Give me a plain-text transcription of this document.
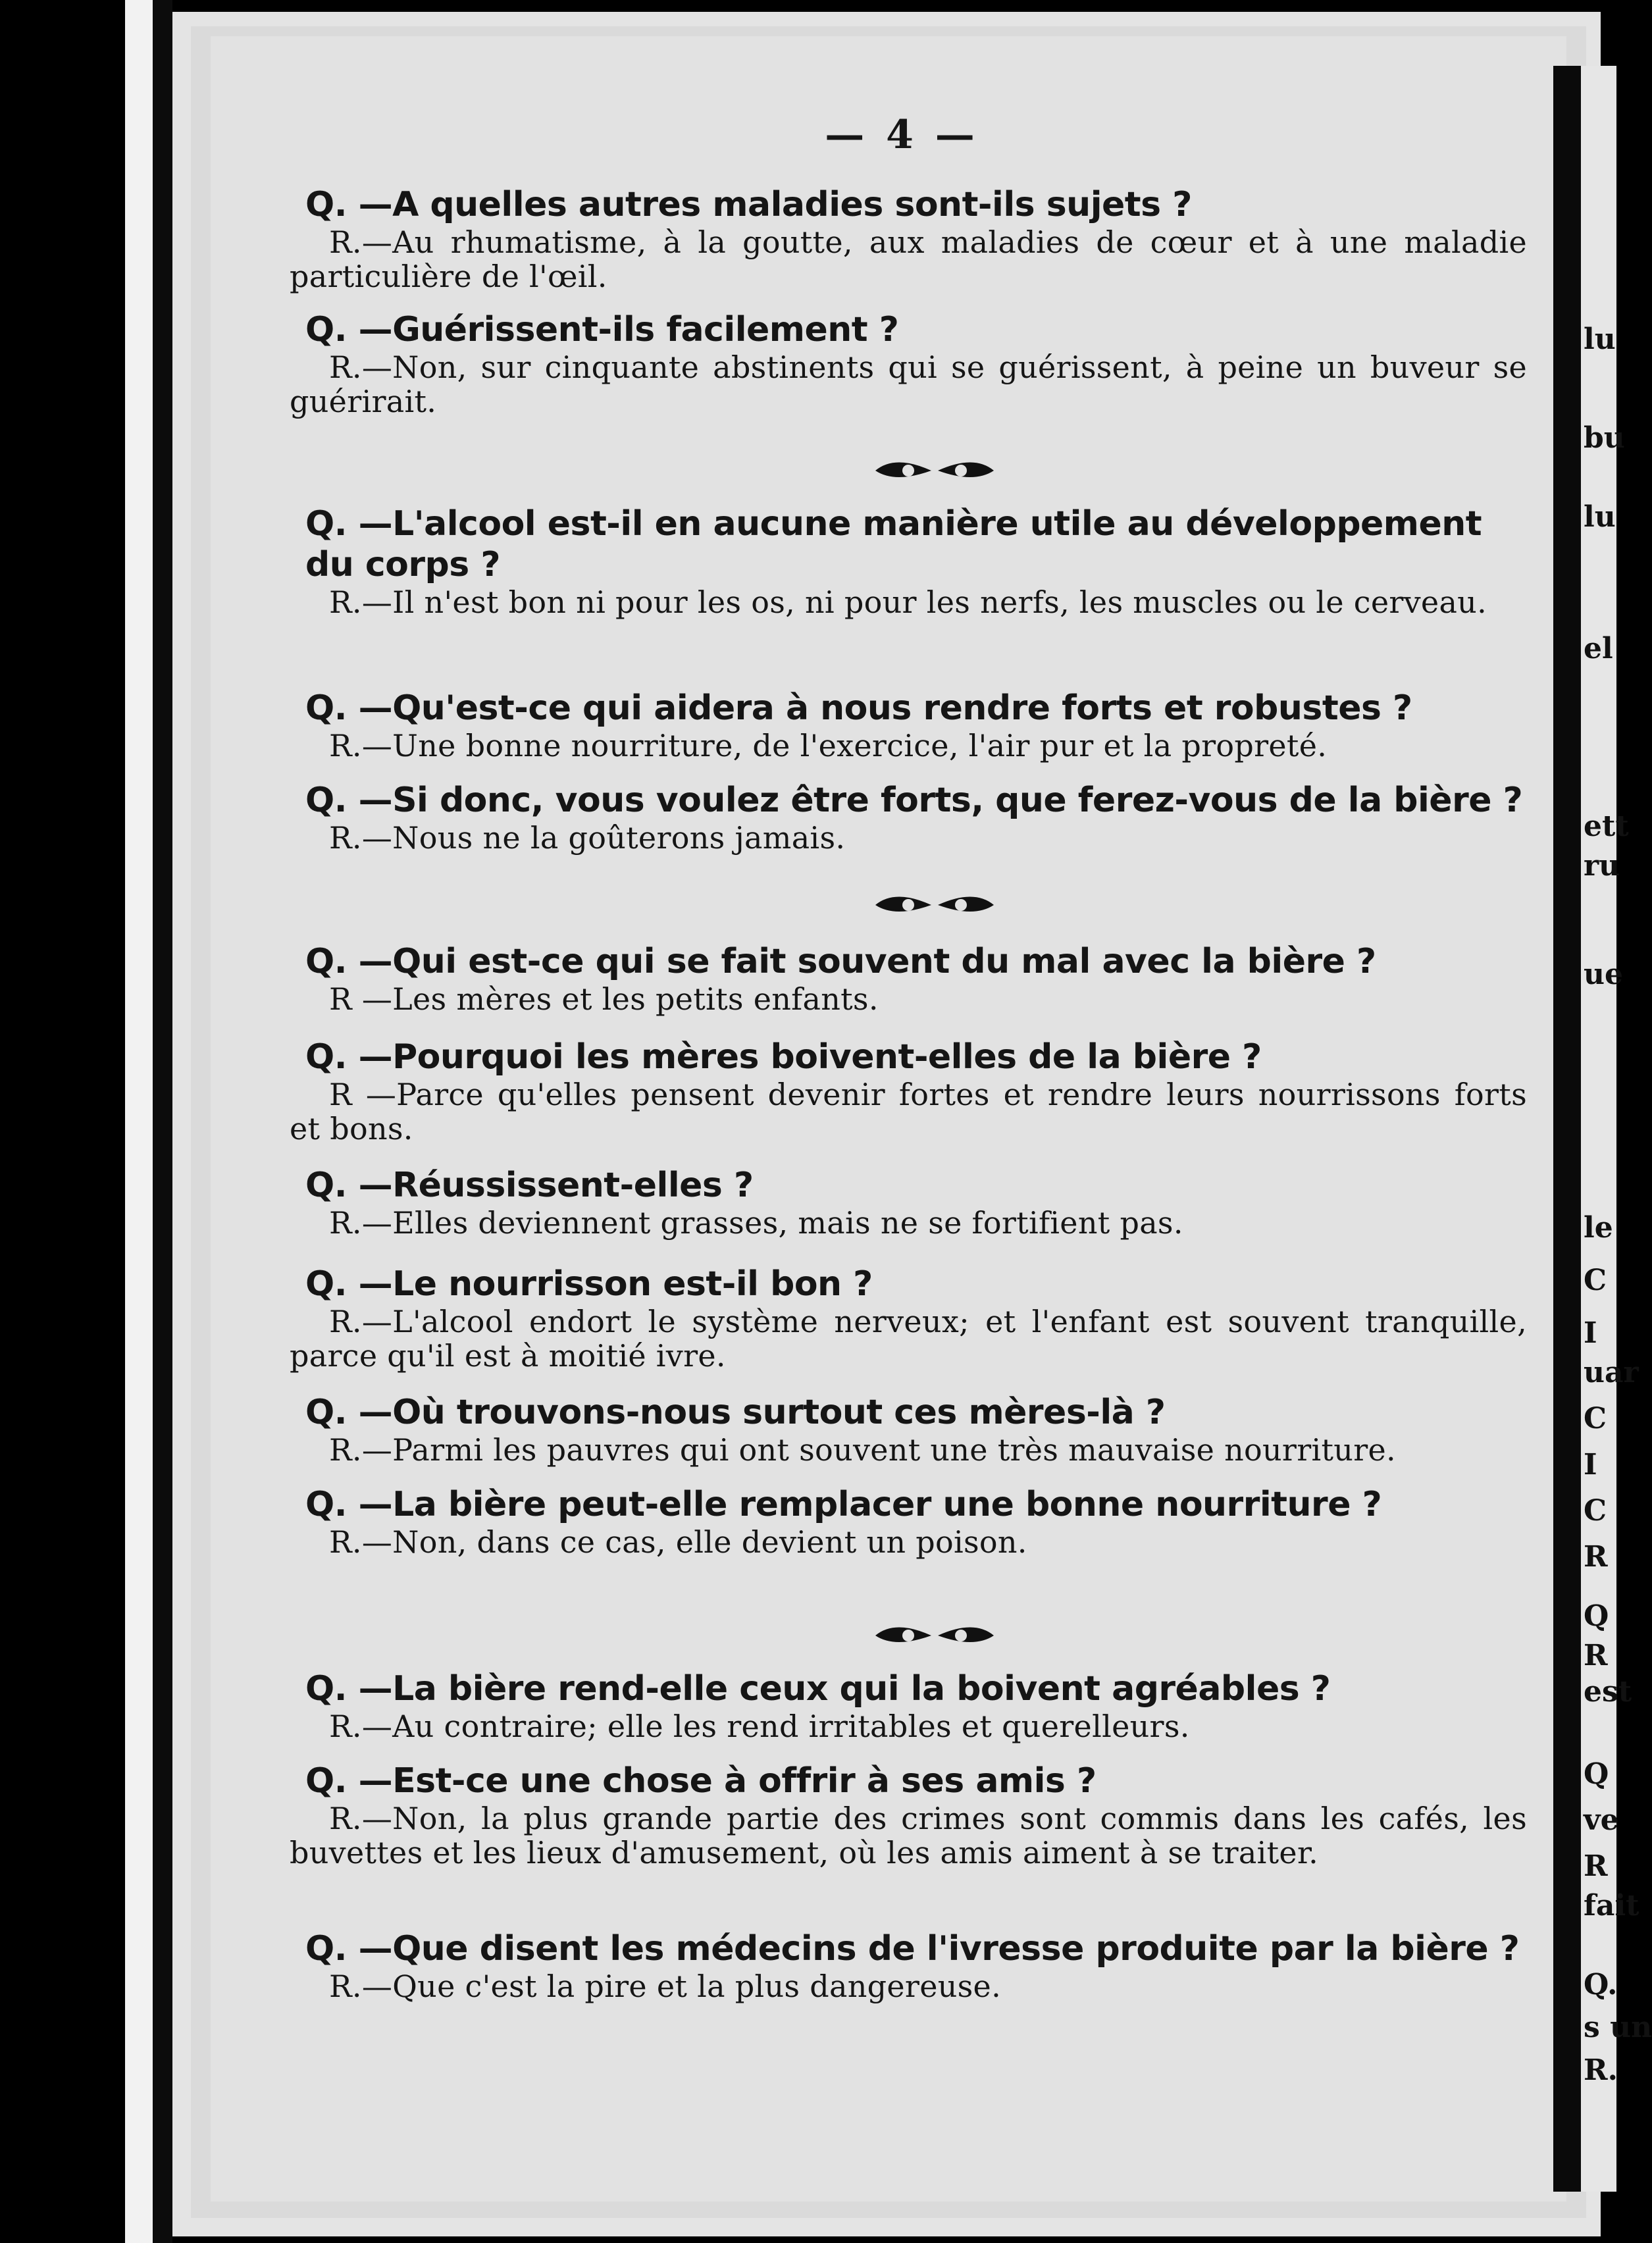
— 4 —
Q. —A quelles autres maladies sont-ils sujets ?
R.—Au rhumatisme, à la goutte, aux maladies de cœur et à une maladie particulière de l'œil.
Q. —Guérissent-ils facilement ?
R.—Non, sur cinquante abstinents qui se guérissent, à peine un buveur se guérirait.
Q. —L'alcool est-il en aucune manière utile au développement du corps ?
R.—Il n'est bon ni pour les os, ni pour les nerfs, les muscles ou le cerveau.
Q. —Qu'est-ce qui aidera à nous rendre forts et robustes ?
R.—Une bonne nourriture, de l'exercice, l'air pur et la propreté.
Q. —Si donc, vous voulez être forts, que ferez-vous de la bière ?
R.—Nous ne la goûterons jamais.
Q. —Qui est-ce qui se fait souvent du mal avec la bière ?
R —Les mères et les petits enfants.
Q. —Pourquoi les mères boivent-elles de la bière ?
R —Parce qu'elles pensent devenir fortes et rendre leurs nourrissons forts et bons.
Q. —Réussissent-elles ?
R.—Elles deviennent grasses, mais ne se fortifient pas.
Q. —Le nourrisson est-il bon ?
R.—L'alcool endort le système nerveux; et l'enfant est souvent tranquille, parce qu'il est à moitié ivre.
Q. —Où trouvons-nous surtout ces mères-là ?
R.—Parmi les pauvres qui ont souvent une très mauvaise nourriture.
Q. —La bière peut-elle remplacer une bonne nourriture ?
R.—Non, dans ce cas, elle devient un poison.
Q. —La bière rend-elle ceux qui la boivent agréables ?
R.—Au contraire; elle les rend irritables et querelleurs.
Q. —Est-ce une chose à offrir à ses amis ?
R.—Non, la plus grande partie des crimes sont commis dans les cafés, les buvettes et les lieux d'amusement, où les amis aiment à se traiter.
Q. —Que disent les médecins de l'ivresse produite par la bière ?
R.—Que c'est la pire et la plus dangereuse.
lu
bu
lu
el
ett
ru
ue
le
C
I
uar
C
I
C
R
Q
R
est
Q
ve
R
fait
Q.
s un
R.
